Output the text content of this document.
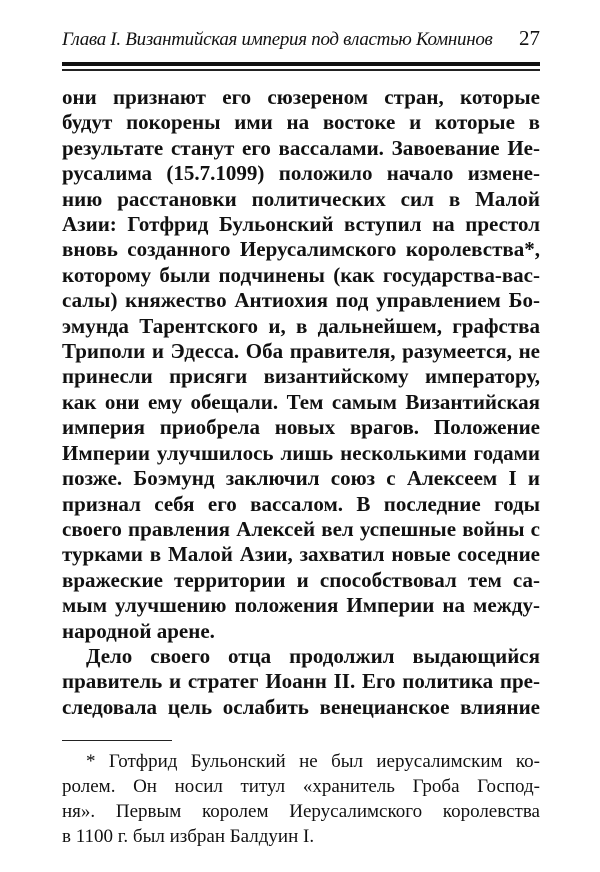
Глава I. Византийская империя под властью Комнинов	27
они признают его сюзереном стран, которые
будут покорены ими на востоке и которые в
результате станут его вассалами. Завоевание Ие-
русалима (15.7.1099) положило начало измене-
нию расстановки политических сил в Малой
Азии: Готфрид Бульонский вступил на престол
вновь созданного Иерусалимского королевства*,
которому были подчинены (как государства-вас-
салы) княжество Антиохия под управлением Бо-
эмунда Тарентского и, в дальнейшем, графства
Триполи и Эдесса. Оба правителя, разумеется, не
принесли присяги византийскому императору,
как они ему обещали. Тем самым Византийская
империя приобрела новых врагов. Положение
Империи улучшилось лишь несколькими годами
позже. Боэмунд заключил союз с Алексеем I и
признал себя его вассалом. В последние годы
своего правления Алексей вел успешные войны с
турками в Малой Азии, захватил новые соседние
вражеские территории и способствовал тем са-
мым улучшению положения Империи на между-
народной арене.
Дело своего отца продолжил выдающийся
правитель и стратег Иоанн II. Его политика пре-
следовала цель ослабить венецианское влияние
* Готфрид Бульонский не был иерусалимским ко-
ролем. Он носил титул «хранитель Гроба Господ-
ня». Первым королем Иерусалимского королевства
в 1100 г. был избран Балдуин I.
